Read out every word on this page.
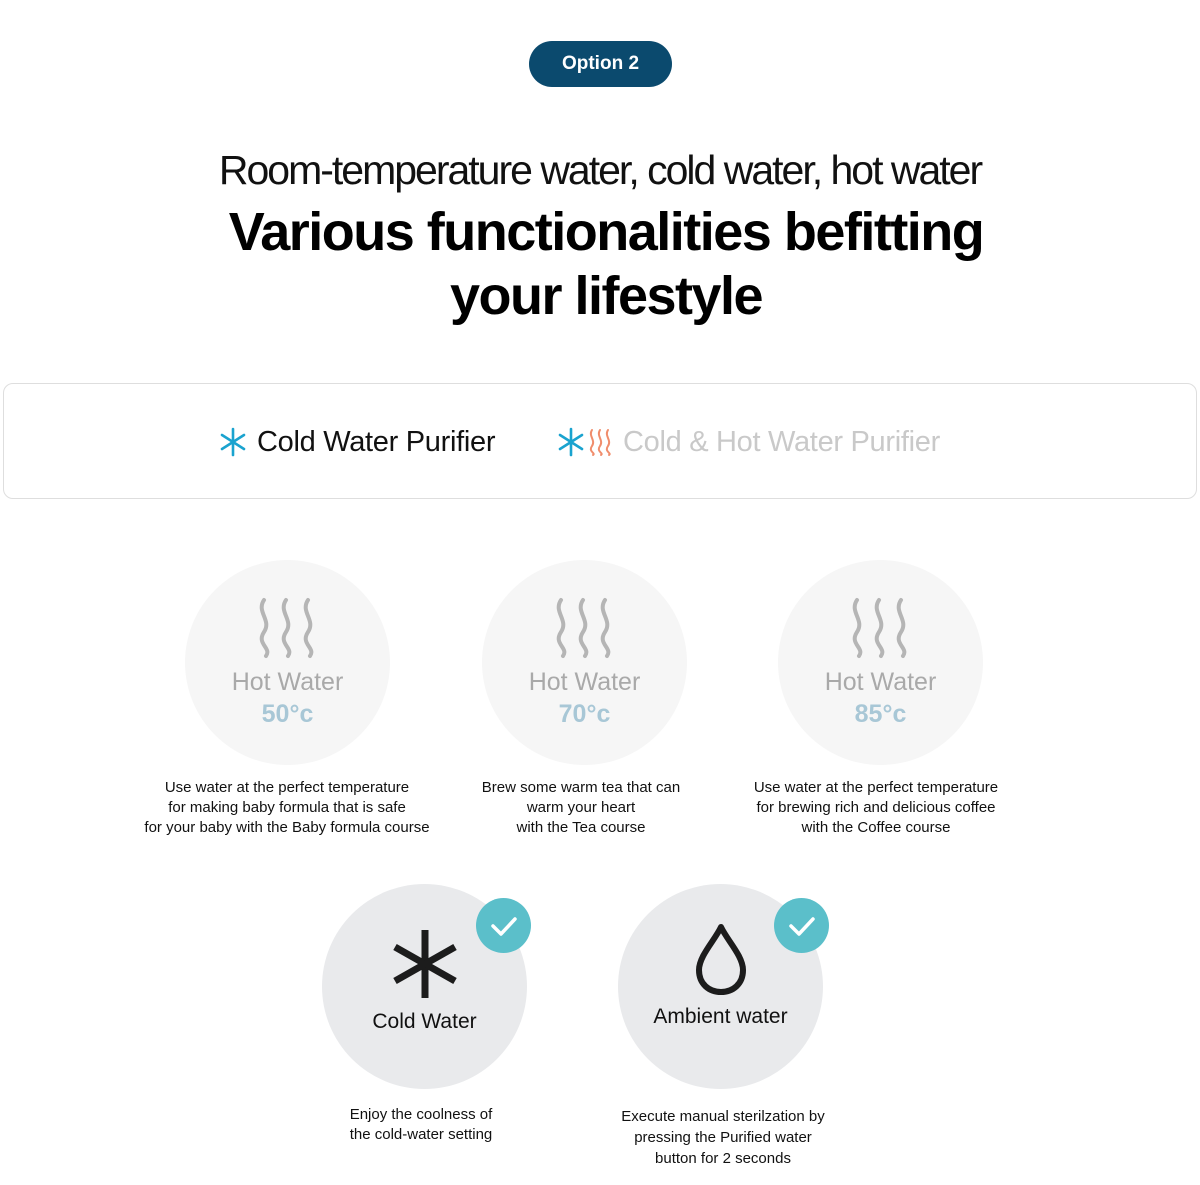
Option 2
Room-temperature water, cold water, hot water
Various functionalities befitting
your lifestyle
Cold Water Purifier	Cold & Hot Water Purifier
Hot Water
50°c
Use water at the perfect temperature
for making baby formula that is safe
for your baby with the Baby formula course
Hot Water
70°c
Brew some warm tea that can
warm your heart
with the Tea course
Hot Water
85°c
Use water at the perfect temperature
for brewing rich and delicious coffee
with the Coffee course
Cold Water
Enjoy the coolness of
the cold-water setting
Ambient water
Execute manual sterilzation by
pressing the Purified water
button for 2 seconds
